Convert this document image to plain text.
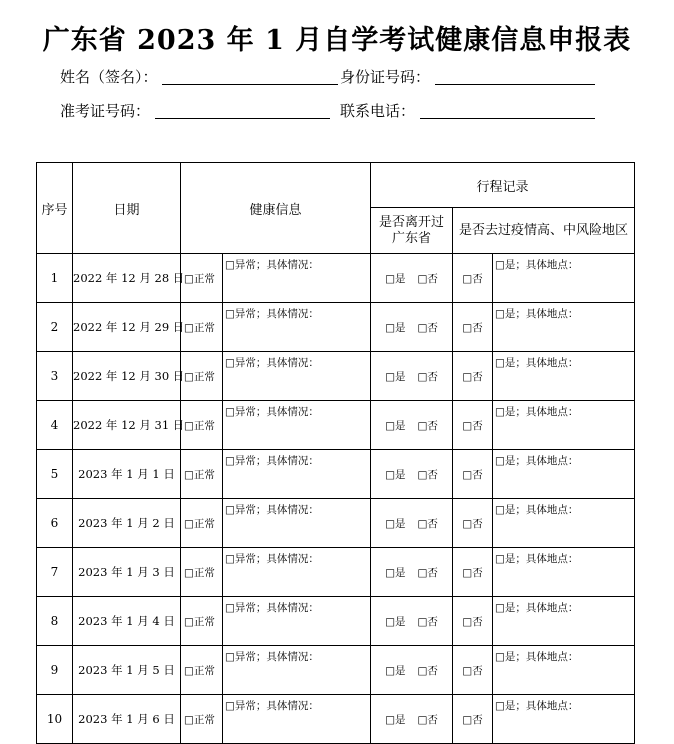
广东省 2023 年 1 月自学考试健康信息申报表
姓名（签名）：	身份证号码：
准考证号码：	联系电话：
序号	日期	健康信息		行程记录		

				是否离开过广东省	是否去过疫情高、中风险地区	
1	2022 年 12 月 28 日	□正常	□异常；具体情况：	□是 □否	□否	□是；具体地点：
2	2022 年 12 月 29 日	□正常	□异常；具体情况：	□是 □否	□否	□是；具体地点：
3	2022 年 12 月 30 日	□正常	□异常；具体情况：	□是 □否	□否	□是；具体地点：
4	2022 年 12 月 31 日	□正常	□异常；具体情况：	□是 □否	□否	□是；具体地点：
5	2023 年 1 月 1 日	□正常	□异常；具体情况：	□是 □否	□否	□是；具体地点：
6	2023 年 1 月 2 日	□正常	□异常；具体情况：	□是 □否	□否	□是；具体地点：
7	2023 年 1 月 3 日	□正常	□异常；具体情况：	□是 □否	□否	□是；具体地点：
8	2023 年 1 月 4 日	□正常	□异常；具体情况：	□是 □否	□否	□是；具体地点：
9	2023 年 1 月 5 日	□正常	□异常；具体情况：	□是 □否	□否	□是；具体地点：
10	2023 年 1 月 6 日	□正常	□异常；具体情况：	□是 □否	□否	□是；具体地点：
